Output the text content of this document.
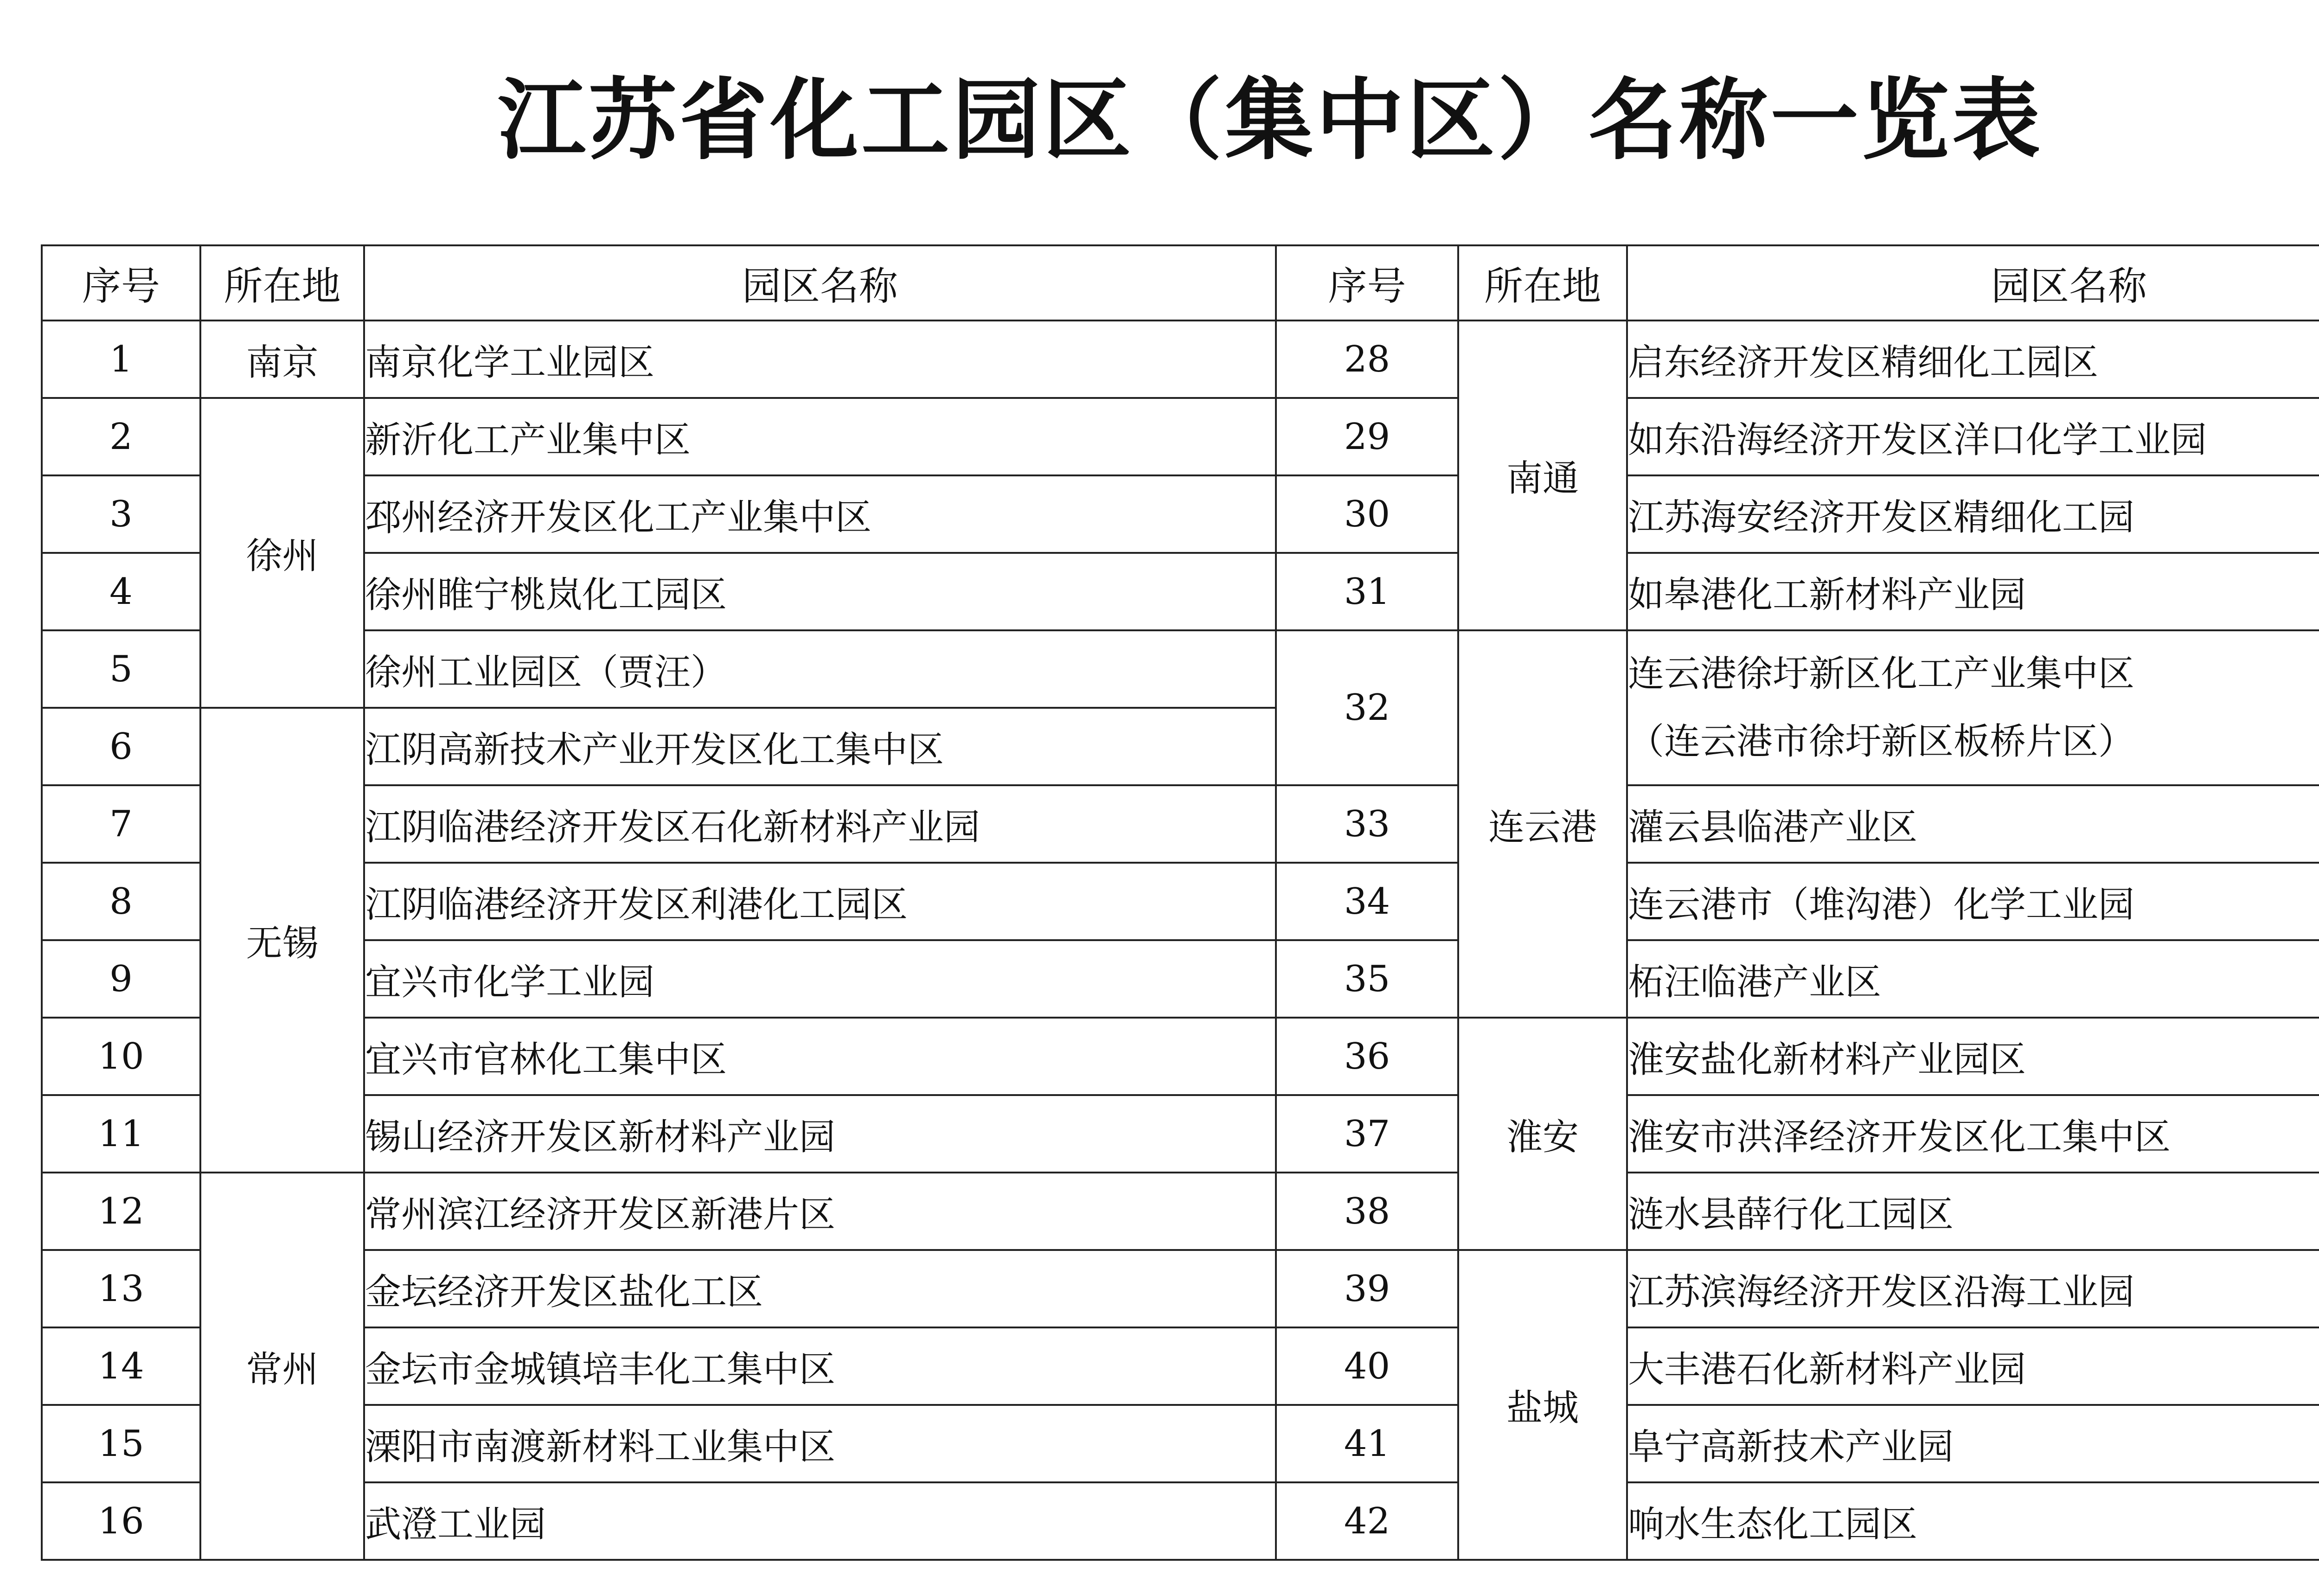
江苏省化工园区（集中区）名称一览表
序号	所在地	园区名称	序号	所在地	园区名称
1	南京	南京化学工业园区	28	南通	启东经济开发区精细化工园区
2	徐州	新沂化工产业集中区	29		如东沿海经济开发区洋口化学工业园
3		邳州经济开发区化工产业集中区	30		江苏海安经济开发区精细化工园
4		徐州睢宁桃岚化工园区	31		如皋港化工新材料产业园
5		徐州工业园区（贾汪）	32	连云港	连云港徐圩新区化工产业集中区
（连云港市徐圩新区板桥片区）

6	无锡	江阴高新技术产业开发区化工集中区			
7		江阴临港经济开发区石化新材料产业园	33		灌云县临港产业区
8		江阴临港经济开发区利港化工园区	34		连云港市（堆沟港）化学工业园
9		宜兴市化学工业园	35		柘汪临港产业区
10		宜兴市官林化工集中区	36	淮安	淮安盐化新材料产业园区
11		锡山经济开发区新材料产业园	37		淮安市洪泽经济开发区化工集中区
12	常州	常州滨江经济开发区新港片区	38		涟水县薛行化工园区
13		金坛经济开发区盐化工区	39	盐城	江苏滨海经济开发区沿海工业园
14		金坛市金城镇培丰化工集中区	40		大丰港石化新材料产业园
15		溧阳市南渡新材料工业集中区	41		阜宁高新技术产业园
16		武澄工业园	42		响水生态化工园区
